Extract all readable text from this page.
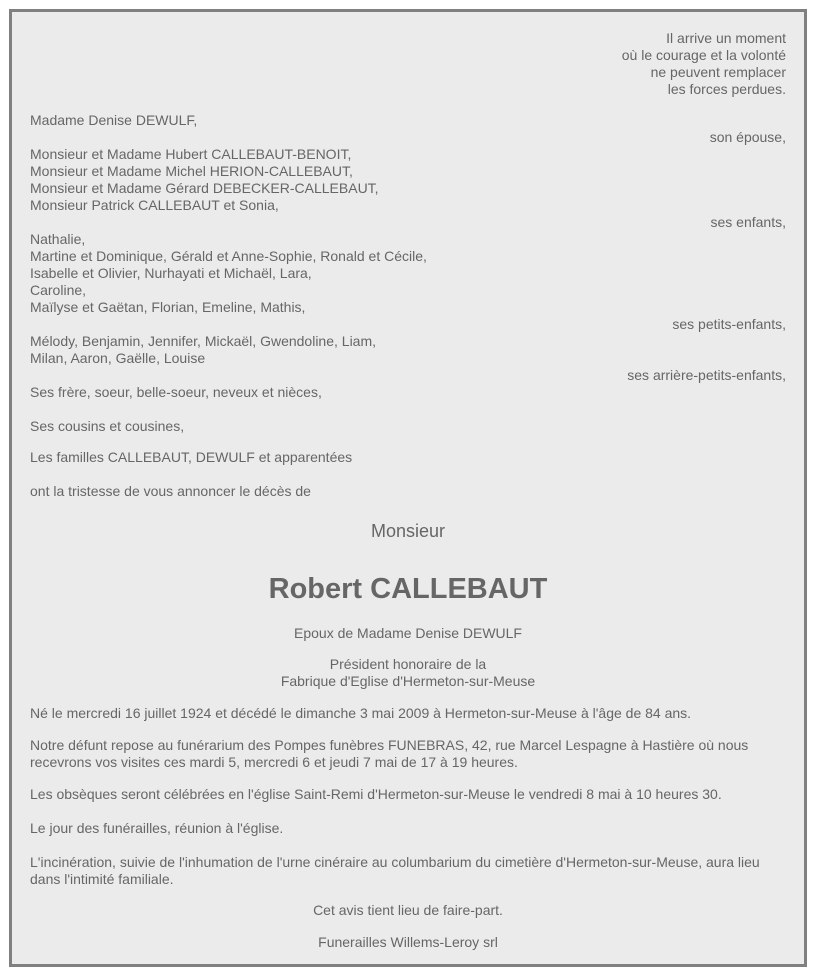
Il arrive un moment
où le courage et la volonté
ne peuvent remplacer
les forces perdues.
Madame Denise DEWULF,
son épouse,
Monsieur et Madame Hubert CALLEBAUT-BENOIT,
Monsieur et Madame Michel HERION-CALLEBAUT,
Monsieur et Madame Gérard DEBECKER-CALLEBAUT,
Monsieur Patrick CALLEBAUT et Sonia,
ses enfants,
Nathalie,
Martine et Dominique, Gérald et Anne-Sophie, Ronald et Cécile,
Isabelle et Olivier, Nurhayati et Michaël, Lara,
Caroline,
Maïlyse et Gaëtan, Florian, Emeline, Mathis,
ses petits-enfants,
Mélody, Benjamin, Jennifer, Mickaël, Gwendoline, Liam,
Milan, Aaron, Gaëlle, Louise
ses arrière-petits-enfants,
Ses frère, soeur, belle-soeur, neveux et nièces,
Ses cousins et cousines,
Les familles CALLEBAUT, DEWULF et apparentées
ont la tristesse de vous annoncer le décès de
Monsieur
Robert CALLEBAUT
Epoux de Madame Denise DEWULF
Président honoraire de la
Fabrique d'Eglise d'Hermeton-sur-Meuse
Né le mercredi 16 juillet 1924 et décédé le dimanche 3 mai 2009 à Hermeton-sur-Meuse à l'âge de 84 ans.
Notre défunt repose au funérarium des Pompes funèbres FUNEBRAS, 42, rue Marcel Lespagne à Hastière où nous
recevrons vos visites ces mardi 5, mercredi 6 et jeudi 7 mai de 17 à 19 heures.
Les obsèques seront célébrées en l'église Saint-Remi d'Hermeton-sur-Meuse le vendredi 8 mai à 10 heures 30.
Le jour des funérailles, réunion à l'église.
L'incinération, suivie de l'inhumation de l'urne cinéraire au columbarium du cimetière d'Hermeton-sur-Meuse, aura lieu
dans l'intimité familiale.
Cet avis tient lieu de faire-part.
Funerailles Willems-Leroy srl
